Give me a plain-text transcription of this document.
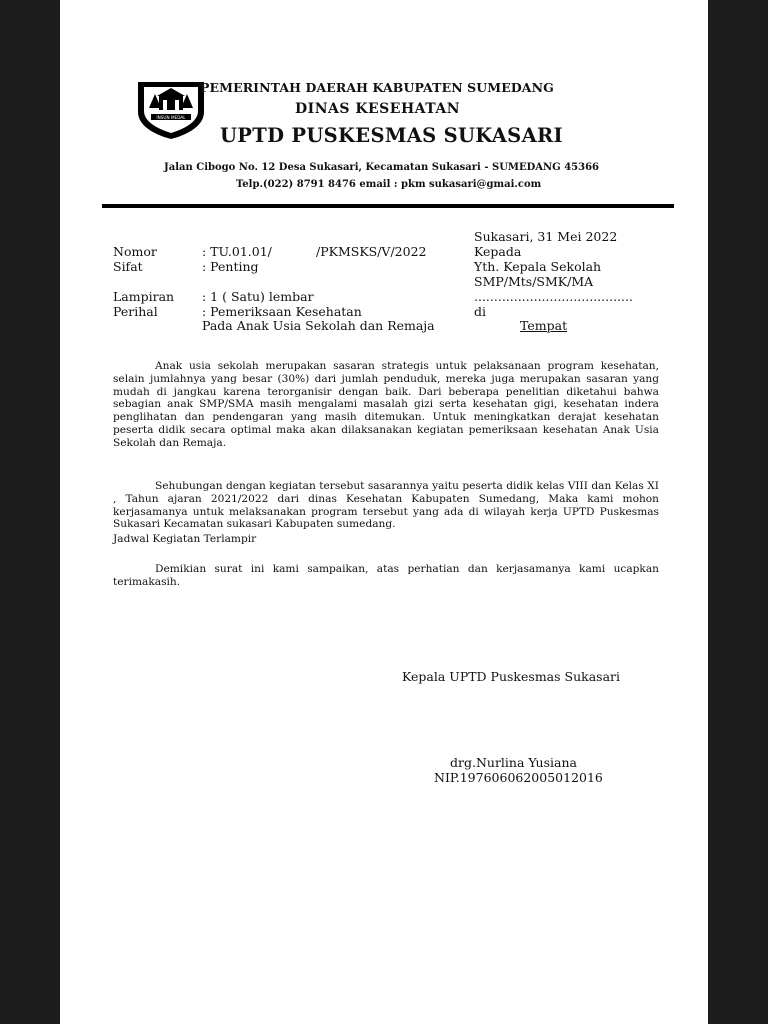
INSUN MEDAL
PEMERINTAH DAERAH KABUPATEN SUMEDANG
DINAS KESEHATAN
UPTD PUSKESMAS SUKASARI
Jalan Cibogo No. 12 Desa Sukasari, Kecamatan Sukasari - SUMEDANG 45366
Telp.(022) 8791 8476 email : pkm sukasari@gmai.com
Sukasari, 31 Mei 2022
Kepada
Yth. Kepala Sekolah
SMP/Mts/SMK/MA
........................................
di
Tempat
Nomor	: TU.01.01/	/PKMSKS/V/2022
Sifat	: Penting
Lampiran : 1 ( Satu) lembar
Perihal	: Pemeriksaan Kesehatan
Pada Anak Usia Sekolah dan Remaja
Anak usia sekolah merupakan sasaran strategis untuk pelaksanaan program kesehatan, selain jumlahnya yang besar (30%) dari jumlah penduduk, mereka juga merupakan sasaran yang mudah di jangkau karena terorganisir dengan baik. Dari beberapa penelitian diketahui bahwa sebagian anak SMP/SMA masih mengalami masalah gizi serta kesehatan gigi, kesehatan indera penglihatan dan pendengaran yang masih ditemukan. Untuk meningkatkan derajat kesehatan peserta didik secara optimal maka akan dilaksanakan kegiatan pemeriksaan kesehatan Anak Usia Sekolah dan Remaja.
Sehubungan dengan kegiatan tersebut sasarannya yaitu peserta didik kelas VIII dan Kelas XI , Tahun ajaran 2021/2022 dari dinas Kesehatan Kabupaten Sumedang, Maka kami mohon kerjasamanya untuk melaksanakan program tersebut yang ada di wilayah kerja UPTD Puskesmas Sukasari Kecamatan sukasari Kabupaten sumedang.
Jadwal Kegiatan Terlampir
Demikian surat ini kami sampaikan, atas perhatian dan kerjasamanya kami ucapkan terimakasih.
Kepala UPTD Puskesmas Sukasari
drg.Nurlina Yusiana
NIP.197606062005012016
